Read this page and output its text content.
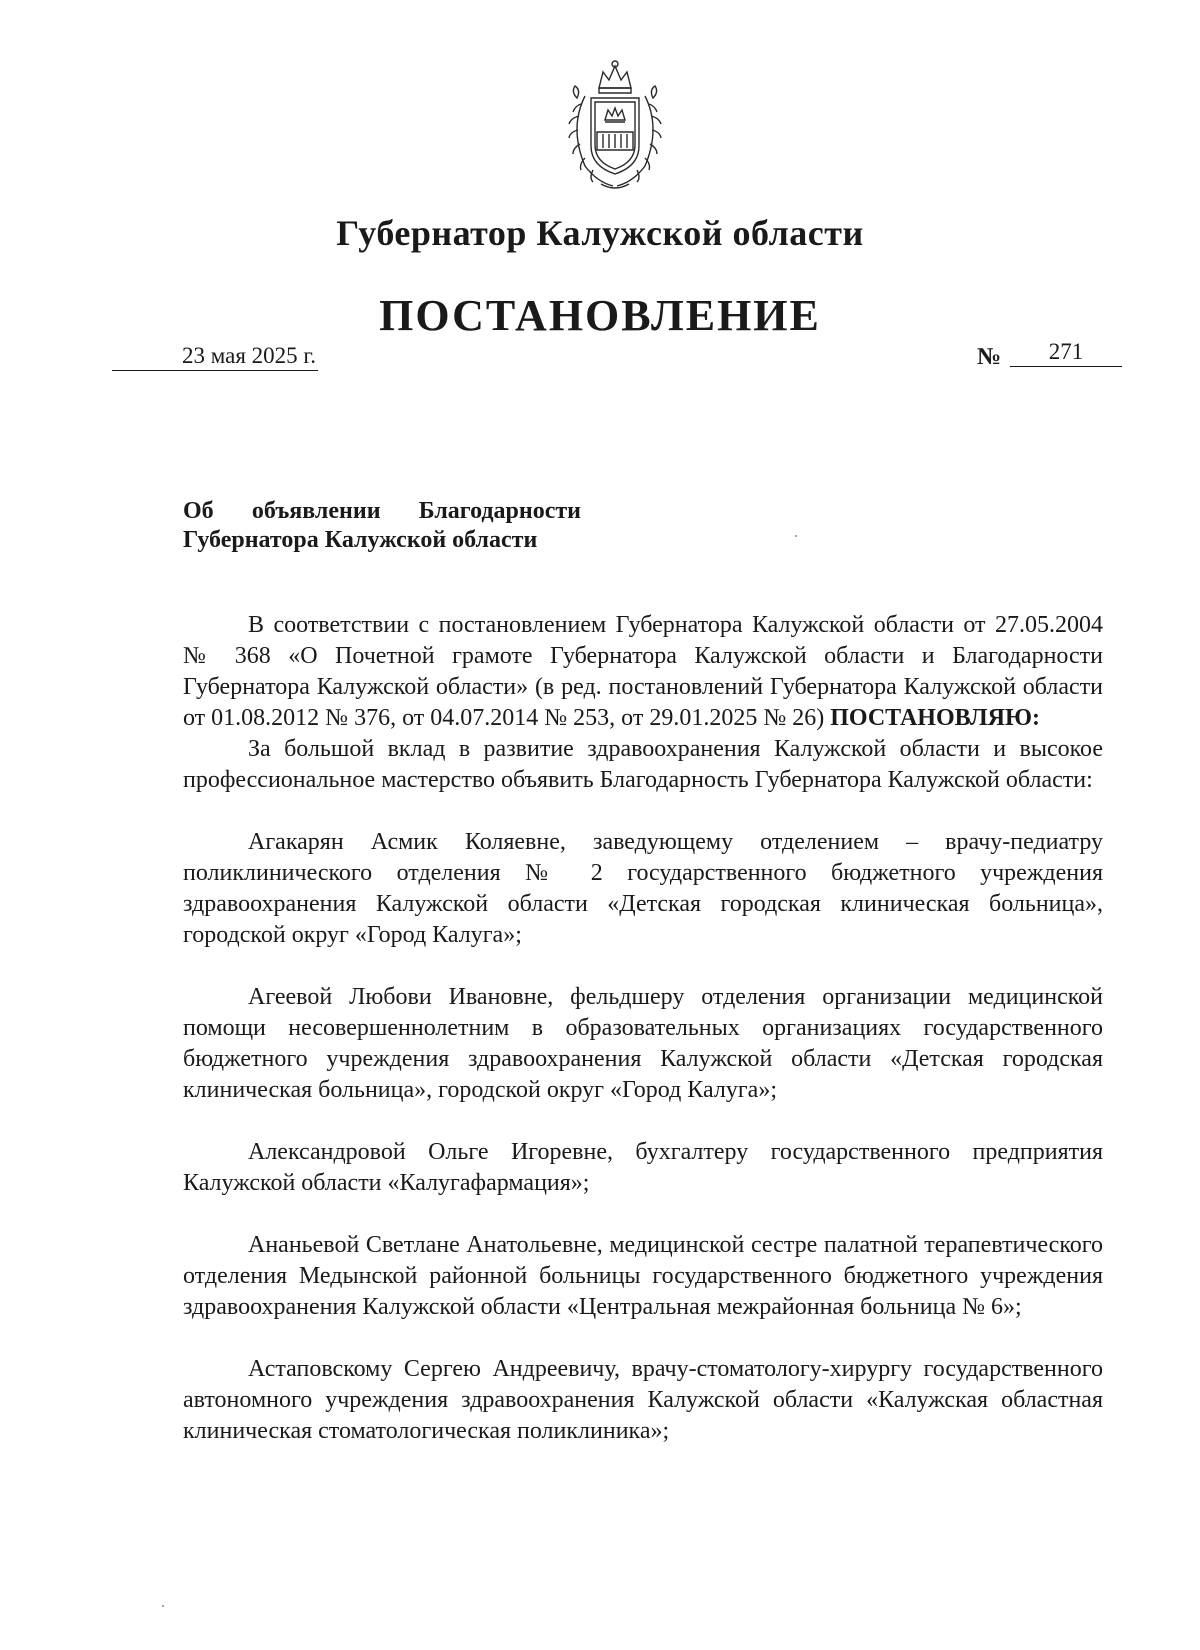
Губернатор Калужской области
ПОСТАНОВЛЕНИЕ
23 мая 2025 г.	№	271
Об объявлении Благодарности
Губернатора Калужской области

В соответствии с постановлением Губернатора Калужской области от 27.05.2004 № 368 «О Почетной грамоте Губернатора Калужской области и Благодарности Губернатора Калужской области» (в ред. постановлений Губернатора Калужской области от 01.08.2012 № 376, от 04.07.2014 № 253, от 29.01.2025 № 26) ПОСТАНОВЛЯЮ:

За большой вклад в развитие здравоохранения Калужской области и высокое профессиональное мастерство объявить Благодарность Губернатора Калужской области:

Агакарян Асмик Коляевне, заведующему отделением – врачу-педиатру поликлинического отделения № 2 государственного бюджетного учреждения здравоохранения Калужской области «Детская городская клиническая больница», городской округ «Город Калуга»;

Агеевой Любови Ивановне, фельдшеру отделения организации медицинской помощи несовершеннолетним в образовательных организациях государственного бюджетного учреждения здравоохранения Калужской области «Детская городская клиническая больница», городской округ «Город Калуга»;

Александровой Ольге Игоревне, бухгалтеру государственного предприятия Калужской области «Калугафармация»;

Ананьевой Светлане Анатольевне, медицинской сестре палатной терапевтического отделения Медынской районной больницы государственного бюджетного учреждения здравоохранения Калужской области «Центральная межрайонная больница № 6»;

Астаповскому Сергею Андреевичу, врачу-стоматологу-хирургу государственного автономного учреждения здравоохранения Калужской области «Калужская областная клиническая стоматологическая поликлиника»;
